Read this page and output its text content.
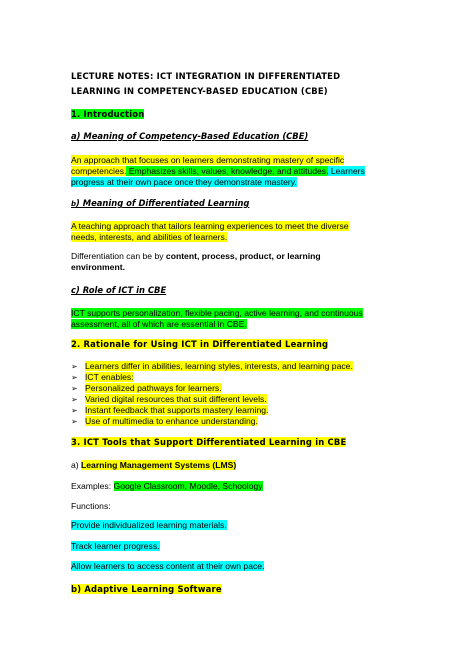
LECTURE NOTES: ICT INTEGRATION IN DIFFERENTIATED
LEARNING IN COMPETENCY-BASED EDUCATION (CBE)
1. Introduction
a) Meaning of Competency-Based Education (CBE)
An approach that focuses on learners demonstrating mastery of specific
competencies. Emphasizes skills, values, knowledge, and attitudes. Learners
progress at their own pace once they demonstrate mastery.
b) Meaning of Differentiated Learning
A teaching approach that tailors learning experiences to meet the diverse
needs, interests, and abilities of learners.
Differentiation can be by content, process, product, or learning
environment.
c) Role of ICT in CBE
ICT supports personalization, flexible pacing, active learning, and continuous
assessment, all of which are essential in CBE.
2. Rationale for Using ICT in Differentiated Learning
➢ Learners differ in abilities, learning styles, interests, and learning pace.
➢ ICT enables:
➢ Personalized pathways for learners.
➢ Varied digital resources that suit different levels.
➢ Instant feedback that supports mastery learning.
➢ Use of multimedia to enhance understanding.
3. ICT Tools that Support Differentiated Learning in CBE
a) Learning Management Systems (LMS)
Examples: Google Classroom, Moodle, Schoology
Functions:
Provide individualized learning materials.
Track learner progress.
Allow learners to access content at their own pace.
b) Adaptive Learning Software
